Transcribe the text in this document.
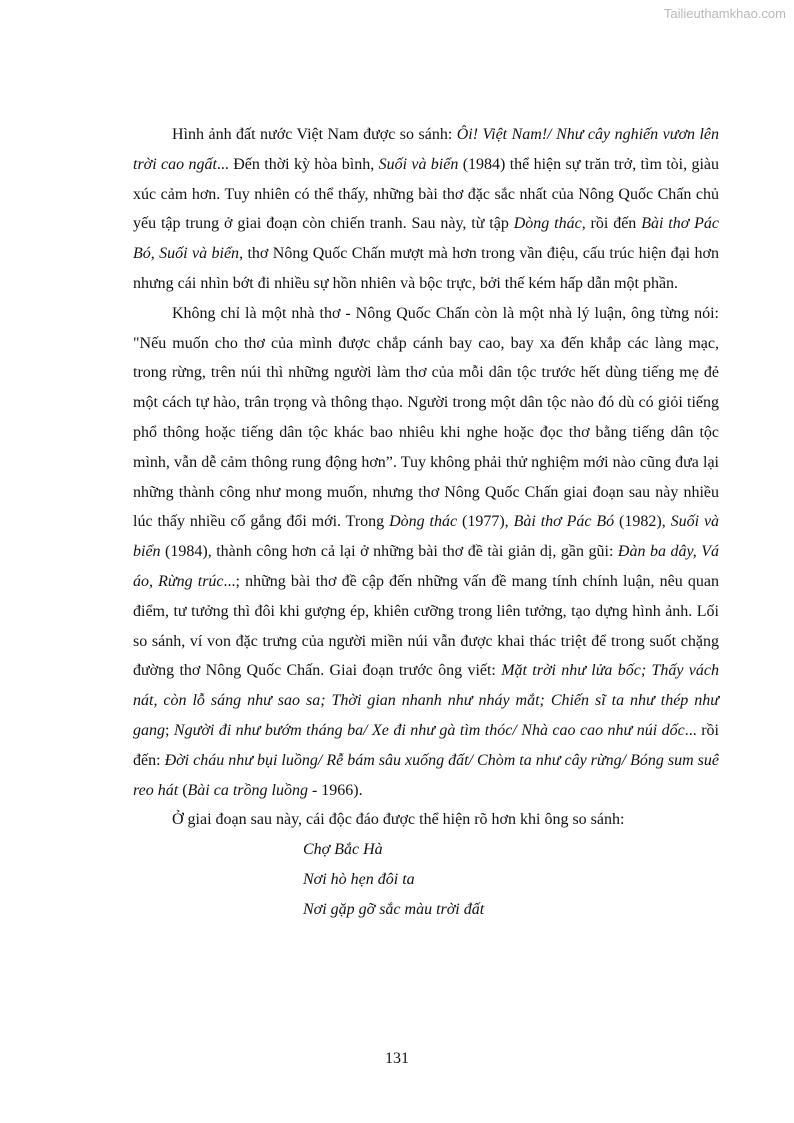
Tailieuthamkhao.com

Hình ảnh đất nước Việt Nam được so sánh: Ôi! Việt Nam!/ Như cây nghiến vươn lên trời cao ngất... Đến thời kỳ hòa bình, Suối và biển (1984) thể hiện sự trăn trở, tìm tòi, giàu xúc cảm hơn. Tuy nhiên có thể thấy, những bài thơ đặc sắc nhất của Nông Quốc Chấn chủ yếu tập trung ở giai đoạn còn chiến tranh. Sau này, từ tập Dòng thác, rồi đến Bài thơ Pác Bó, Suối và biển, thơ Nông Quốc Chấn mượt mà hơn trong vần điệu, cấu trúc hiện đại hơn nhưng cái nhìn bớt đi nhiều sự hồn nhiên và bộc trực, bởi thế kém hấp dẫn một phần.

Không chỉ là một nhà thơ - Nông Quốc Chấn còn là một nhà lý luận, ông từng nói: "Nếu muốn cho thơ của mình được chắp cánh bay cao, bay xa đến khắp các làng mạc, trong rừng, trên núi thì những người làm thơ của mỗi dân tộc trước hết dùng tiếng mẹ đẻ một cách tự hào, trân trọng và thông thạo. Người trong một dân tộc nào đó dù có giỏi tiếng phổ thông hoặc tiếng dân tộc khác bao nhiêu khi nghe hoặc đọc thơ bằng tiếng dân tộc mình, vẫn dễ cảm thông rung động hơn”. Tuy không phải thử nghiệm mới nào cũng đưa lại những thành công như mong muốn, nhưng thơ Nông Quốc Chấn giai đoạn sau này nhiều lúc thấy nhiều cố gắng đổi mới. Trong Dòng thác (1977), Bài thơ Pác Bó (1982), Suối và biển (1984), thành công hơn cả lại ở những bài thơ đề tài giản dị, gần gũi: Đàn ba dây, Vá áo, Rừng trúc...; những bài thơ đề cập đến những vấn đề mang tính chính luận, nêu quan điểm, tư tưởng thì đôi khi gượng ép, khiên cưỡng trong liên tưởng, tạo dựng hình ảnh. Lối so sánh, ví von đặc trưng của người miền núi vẫn được khai thác triệt để trong suốt chặng đường thơ Nông Quốc Chấn. Giai đoạn trước ông viết: Mặt trời như lửa bốc; Thấy vách nát, còn lỗ sáng như sao sa; Thời gian nhanh như nháy mắt; Chiến sĩ ta như thép như gang; Người đi như bướm tháng ba/ Xe đi như gà tìm thóc/ Nhà cao cao như núi dốc... rồi đến: Đời cháu như bụi luồng/ Rễ bám sâu xuống đất/ Chòm ta như cây rừng/ Bóng sum suê reo hát (Bài ca trồng luồng - 1966).

Ở giai đoạn sau này, cái độc đáo được thể hiện rõ hơn khi ông so sánh:

Chợ Bắc Hà
Nơi hò hẹn đôi ta
Nơi gặp gỡ sắc màu trời đất
131
